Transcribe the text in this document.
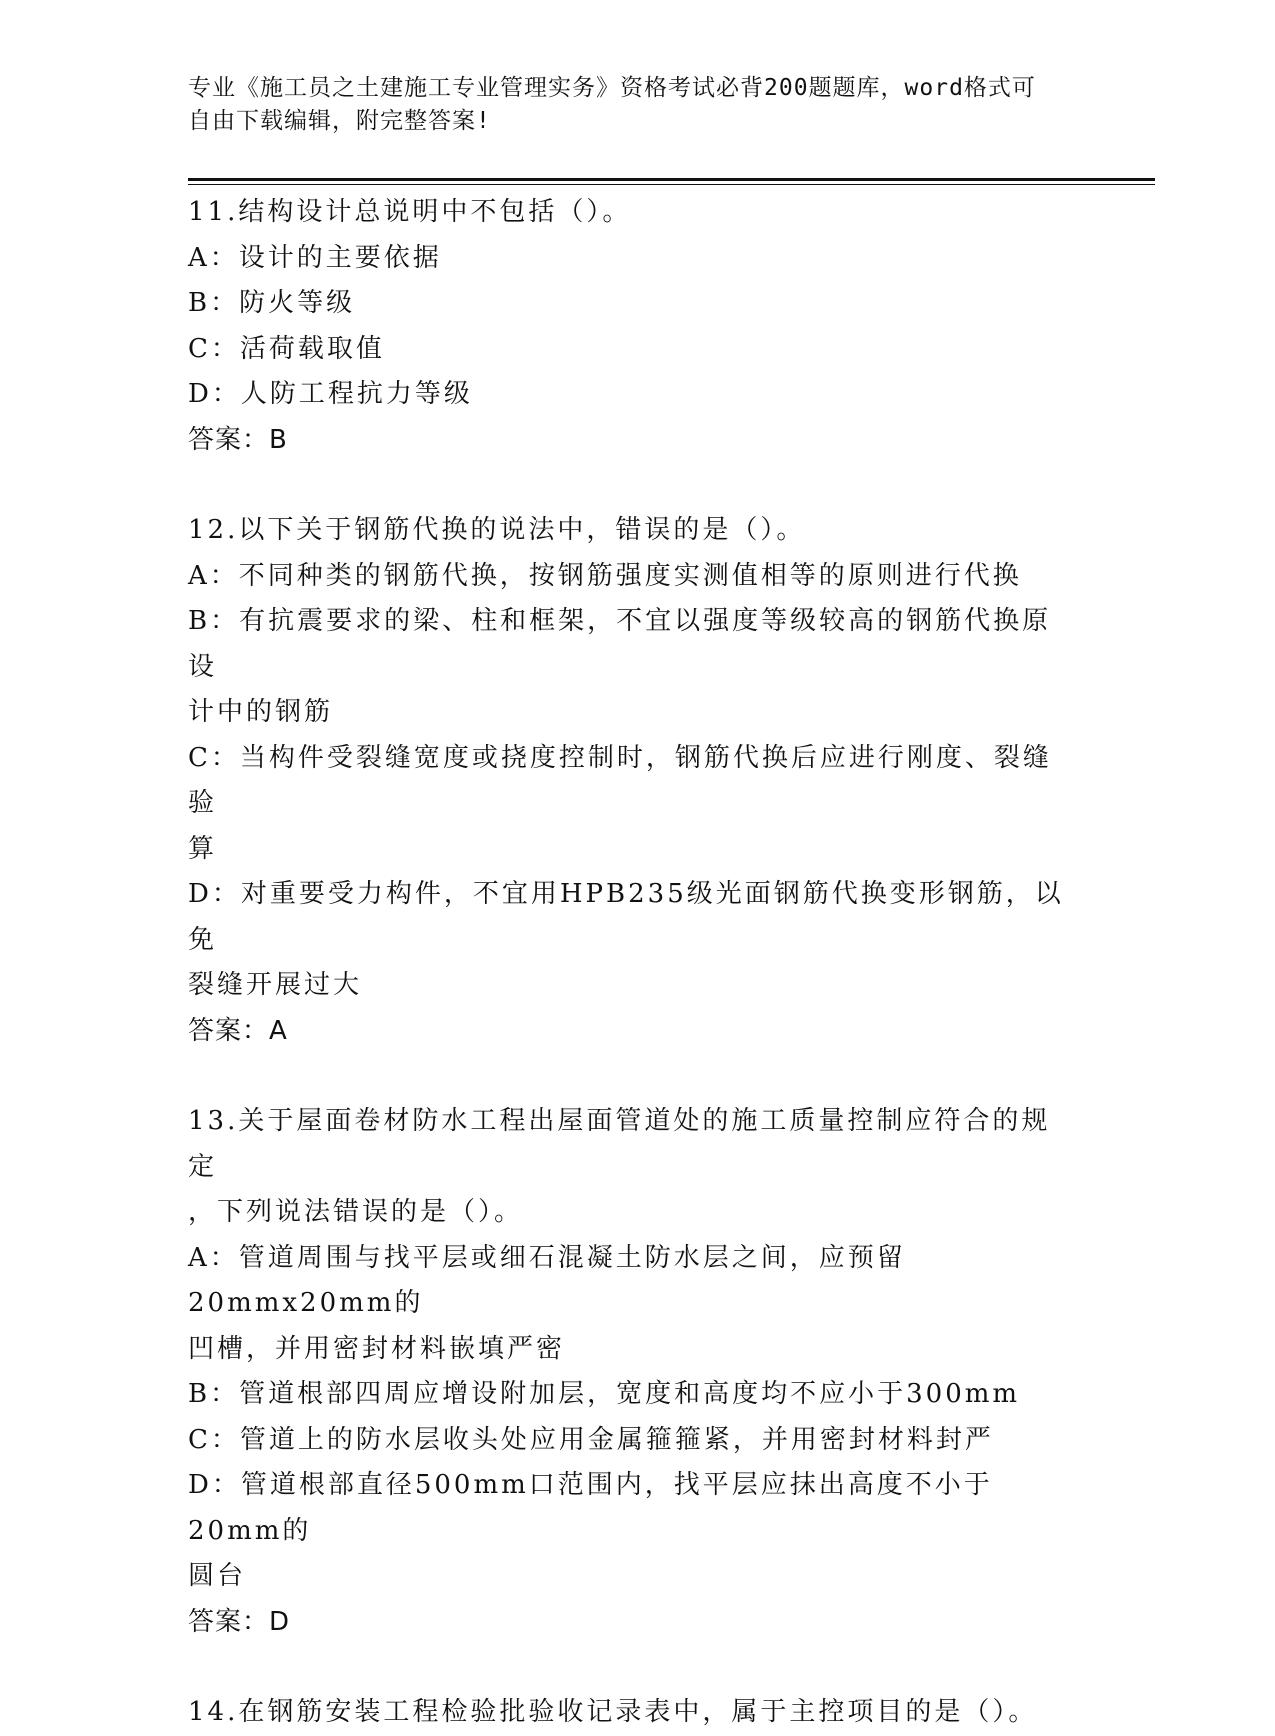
专业《施工员之土建施工专业管理实务》资格考试必背200题题库，word格式可
自由下载编辑，附完整答案!
11.结构设计总说明中不包括（）。
A：设计的主要依据
B：防火等级
C：活荷载取值
D：人防工程抗力等级
答案：B
12.以下关于钢筋代换的说法中，错误的是（）。
A：不同种类的钢筋代换，按钢筋强度实测值相等的原则进行代换
B：有抗震要求的梁、柱和框架，不宜以强度等级较高的钢筋代换原设
计中的钢筋
C：当构件受裂缝宽度或挠度控制时，钢筋代换后应进行刚度、裂缝验
算
D：对重要受力构件，不宜用HPB235级光面钢筋代换变形钢筋，以免
裂缝开展过大
答案：A
13.关于屋面卷材防水工程出屋面管道处的施工质量控制应符合的规定
，下列说法错误的是（）。
A：管道周围与找平层或细石混凝土防水层之间，应预留20mmx20mm的
凹槽，并用密封材料嵌填严密
B：管道根部四周应增设附加层，宽度和高度均不应小于300mm
C：管道上的防水层收头处应用金属箍箍紧，并用密封材料封严
D：管道根部直径500mm口范围内，找平层应抹出高度不小于20mm的
圆台
答案：D
14.在钢筋安装工程检验批验收记录表中，属于主控项目的是（）。
